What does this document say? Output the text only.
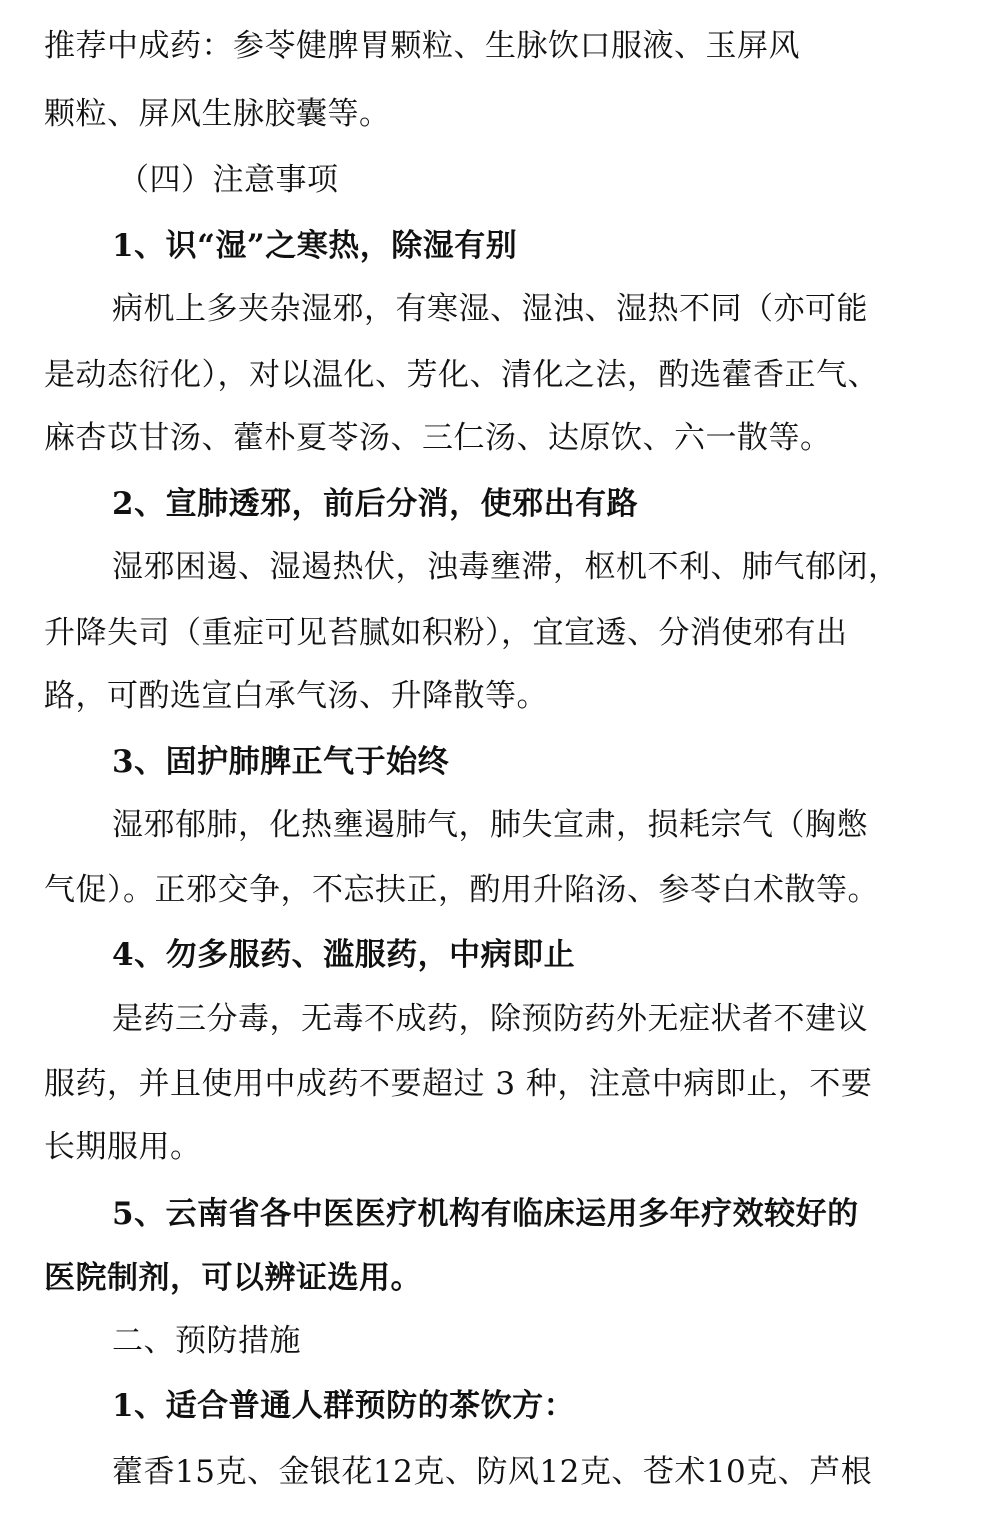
推荐中成药：参苓健脾胃颗粒、生脉饮口服液、玉屏风
颗粒、屏风生脉胶囊等。
（四）注意事项
1、识“湿”之寒热，除湿有别
病机上多夹杂湿邪，有寒湿、湿浊、湿热不同（亦可能
是动态衍化），对以温化、芳化、清化之法，酌选藿香正气、
麻杏苡甘汤、藿朴夏苓汤、三仁汤、达原饮、六一散等。
2、宣肺透邪，前后分消，使邪出有路
湿邪困遏、湿遏热伏，浊毒壅滞，枢机不利、肺气郁闭，
升降失司（重症可见苔腻如积粉），宜宣透、分消使邪有出
路，可酌选宣白承气汤、升降散等。
3、固护肺脾正气于始终
湿邪郁肺，化热壅遏肺气，肺失宣肃，损耗宗气（胸憋
气促）。正邪交争，不忘扶正，酌用升陷汤、参苓白术散等。
4、勿多服药、滥服药，中病即止
是药三分毒，无毒不成药，除预防药外无症状者不建议
服药，并且使用中成药不要超过 3 种，注意中病即止，不要
长期服用。
5、云南省各中医医疗机构有临床运用多年疗效较好的
医院制剂，可以辨证选用。
二、预防措施
1、适合普通人群预防的茶饮方：
藿香15克、金银花12克、防风12克、苍术10克、芦根
